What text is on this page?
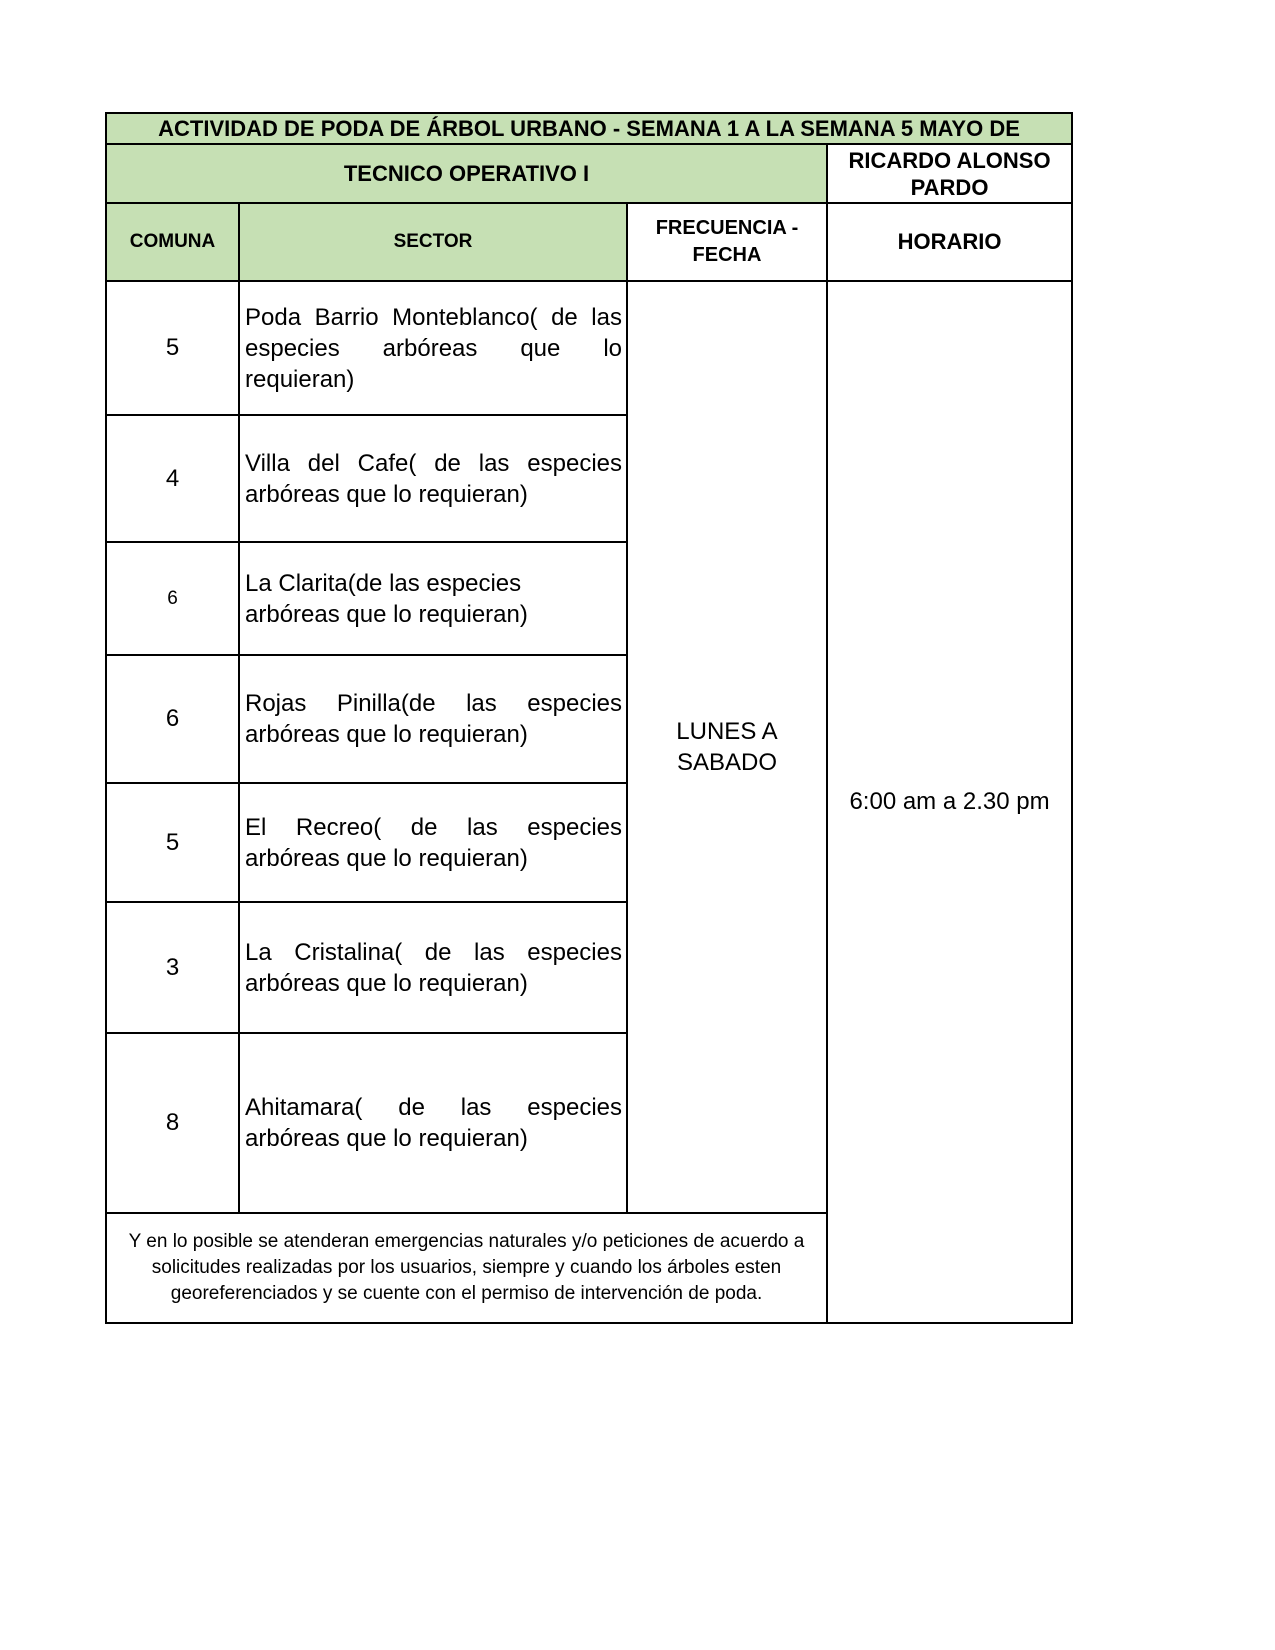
ACTIVIDAD DE PODA DE ÁRBOL URBANO - SEMANA 1 A LA SEMANA 5 MAYO DE			
TECNICO OPERATIVO I			RICARDO ALONSO PARDO
COMUNA	SECTOR	FRECUENCIA - FECHA	HORARIO
5	Poda Barrio Monteblanco( de las especies arbóreas que lo requieran)	LUNES A SABADO	6:00 am a 2.30 pm
4	Villa del Cafe( de las especies arbóreas que lo requieran)		
6	La Clarita(de las especies arbóreas que lo requieran)		
6	Rojas Pinilla(de las especies arbóreas que lo requieran)		
5	El Recreo( de las especies arbóreas que lo requieran)		
3	La Cristalina( de las especies arbóreas que lo requieran)		
8	Ahitamara( de las especies arbóreas que lo requieran)		
Y en lo posible se atenderan emergencias naturales y/o peticiones de acuerdo a solicitudes realizadas por los usuarios, siempre y cuando los árboles esten georeferenciados y se cuente con el permiso de intervención de poda.			
